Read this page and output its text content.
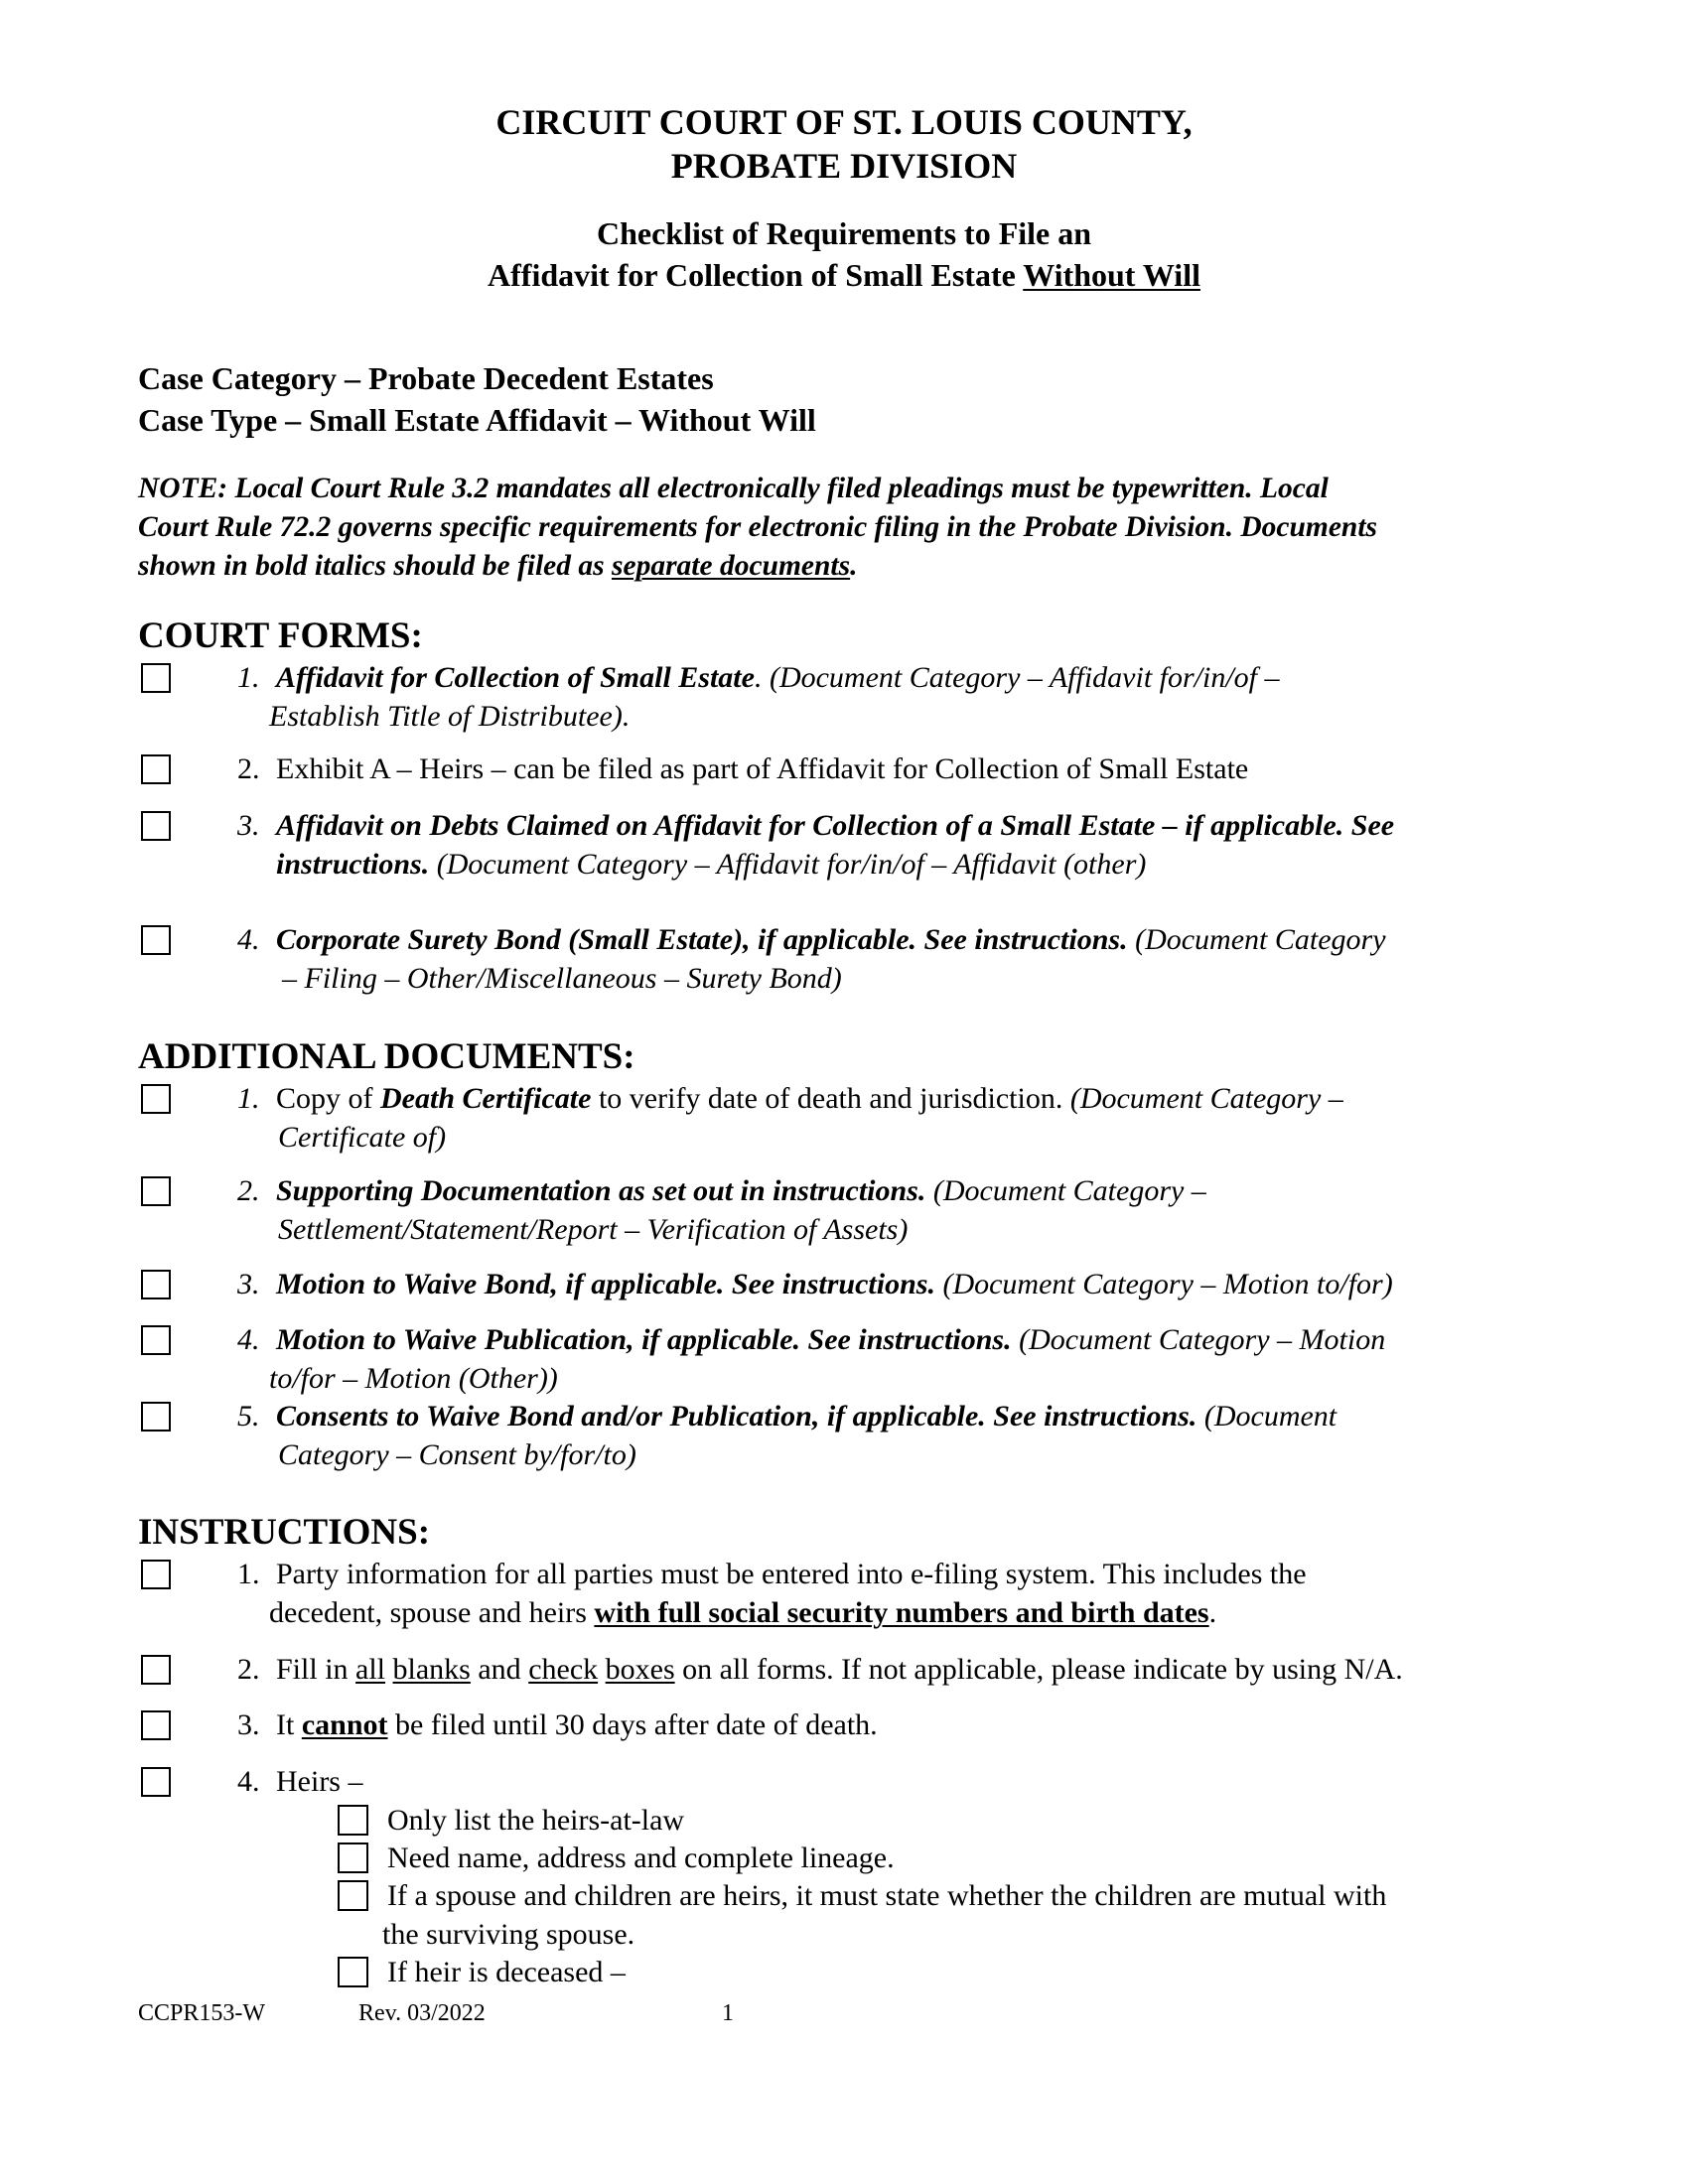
CIRCUIT COURT OF ST. LOUIS COUNTY,
PROBATE DIVISION
Checklist of Requirements to File an
Affidavit for Collection of Small Estate Without Will
Case Category – Probate Decedent Estates
Case Type – Small Estate Affidavit – Without Will
NOTE: Local Court Rule 3.2 mandates all electronically filed pleadings must be typewritten. Local
Court Rule 72.2 governs specific requirements for electronic filing in the Probate Division. Documents
shown in bold italics should be filed as separate documents.
COURT FORMS:
1. Affidavit for Collection of Small Estate. (Document Category – Affidavit for/in/of –
Establish Title of Distributee).
2. Exhibit A – Heirs – can be filed as part of Affidavit for Collection of Small Estate
3. Affidavit on Debts Claimed on Affidavit for Collection of a Small Estate – if applicable. See
instructions. (Document Category – Affidavit for/in/of – Affidavit (other)
4. Corporate Surety Bond (Small Estate), if applicable. See instructions. (Document Category
– Filing – Other/Miscellaneous – Surety Bond)
ADDITIONAL DOCUMENTS:
1. Copy of Death Certificate to verify date of death and jurisdiction. (Document Category –
Certificate of)
2. Supporting Documentation as set out in instructions. (Document Category –
Settlement/Statement/Report – Verification of Assets)
3. Motion to Waive Bond, if applicable. See instructions. (Document Category – Motion to/for)
4. Motion to Waive Publication, if applicable. See instructions. (Document Category – Motion
to/for – Motion (Other))
5. Consents to Waive Bond and/or Publication, if applicable. See instructions. (Document
Category – Consent by/for/to)
INSTRUCTIONS:
1. Party information for all parties must be entered into e-filing system. This includes the
decedent, spouse and heirs with full social security numbers and birth dates.
2. Fill in all blanks and check boxes on all forms. If not applicable, please indicate by using N/A.
3. It cannot be filed until 30 days after date of death.
4. Heirs –
Only list the heirs-at-law
Need name, address and complete lineage.
If a spouse and children are heirs, it must state whether the children are mutual with
the surviving spouse.
If heir is deceased –
CCPR153-W	Rev. 03/2022	1
